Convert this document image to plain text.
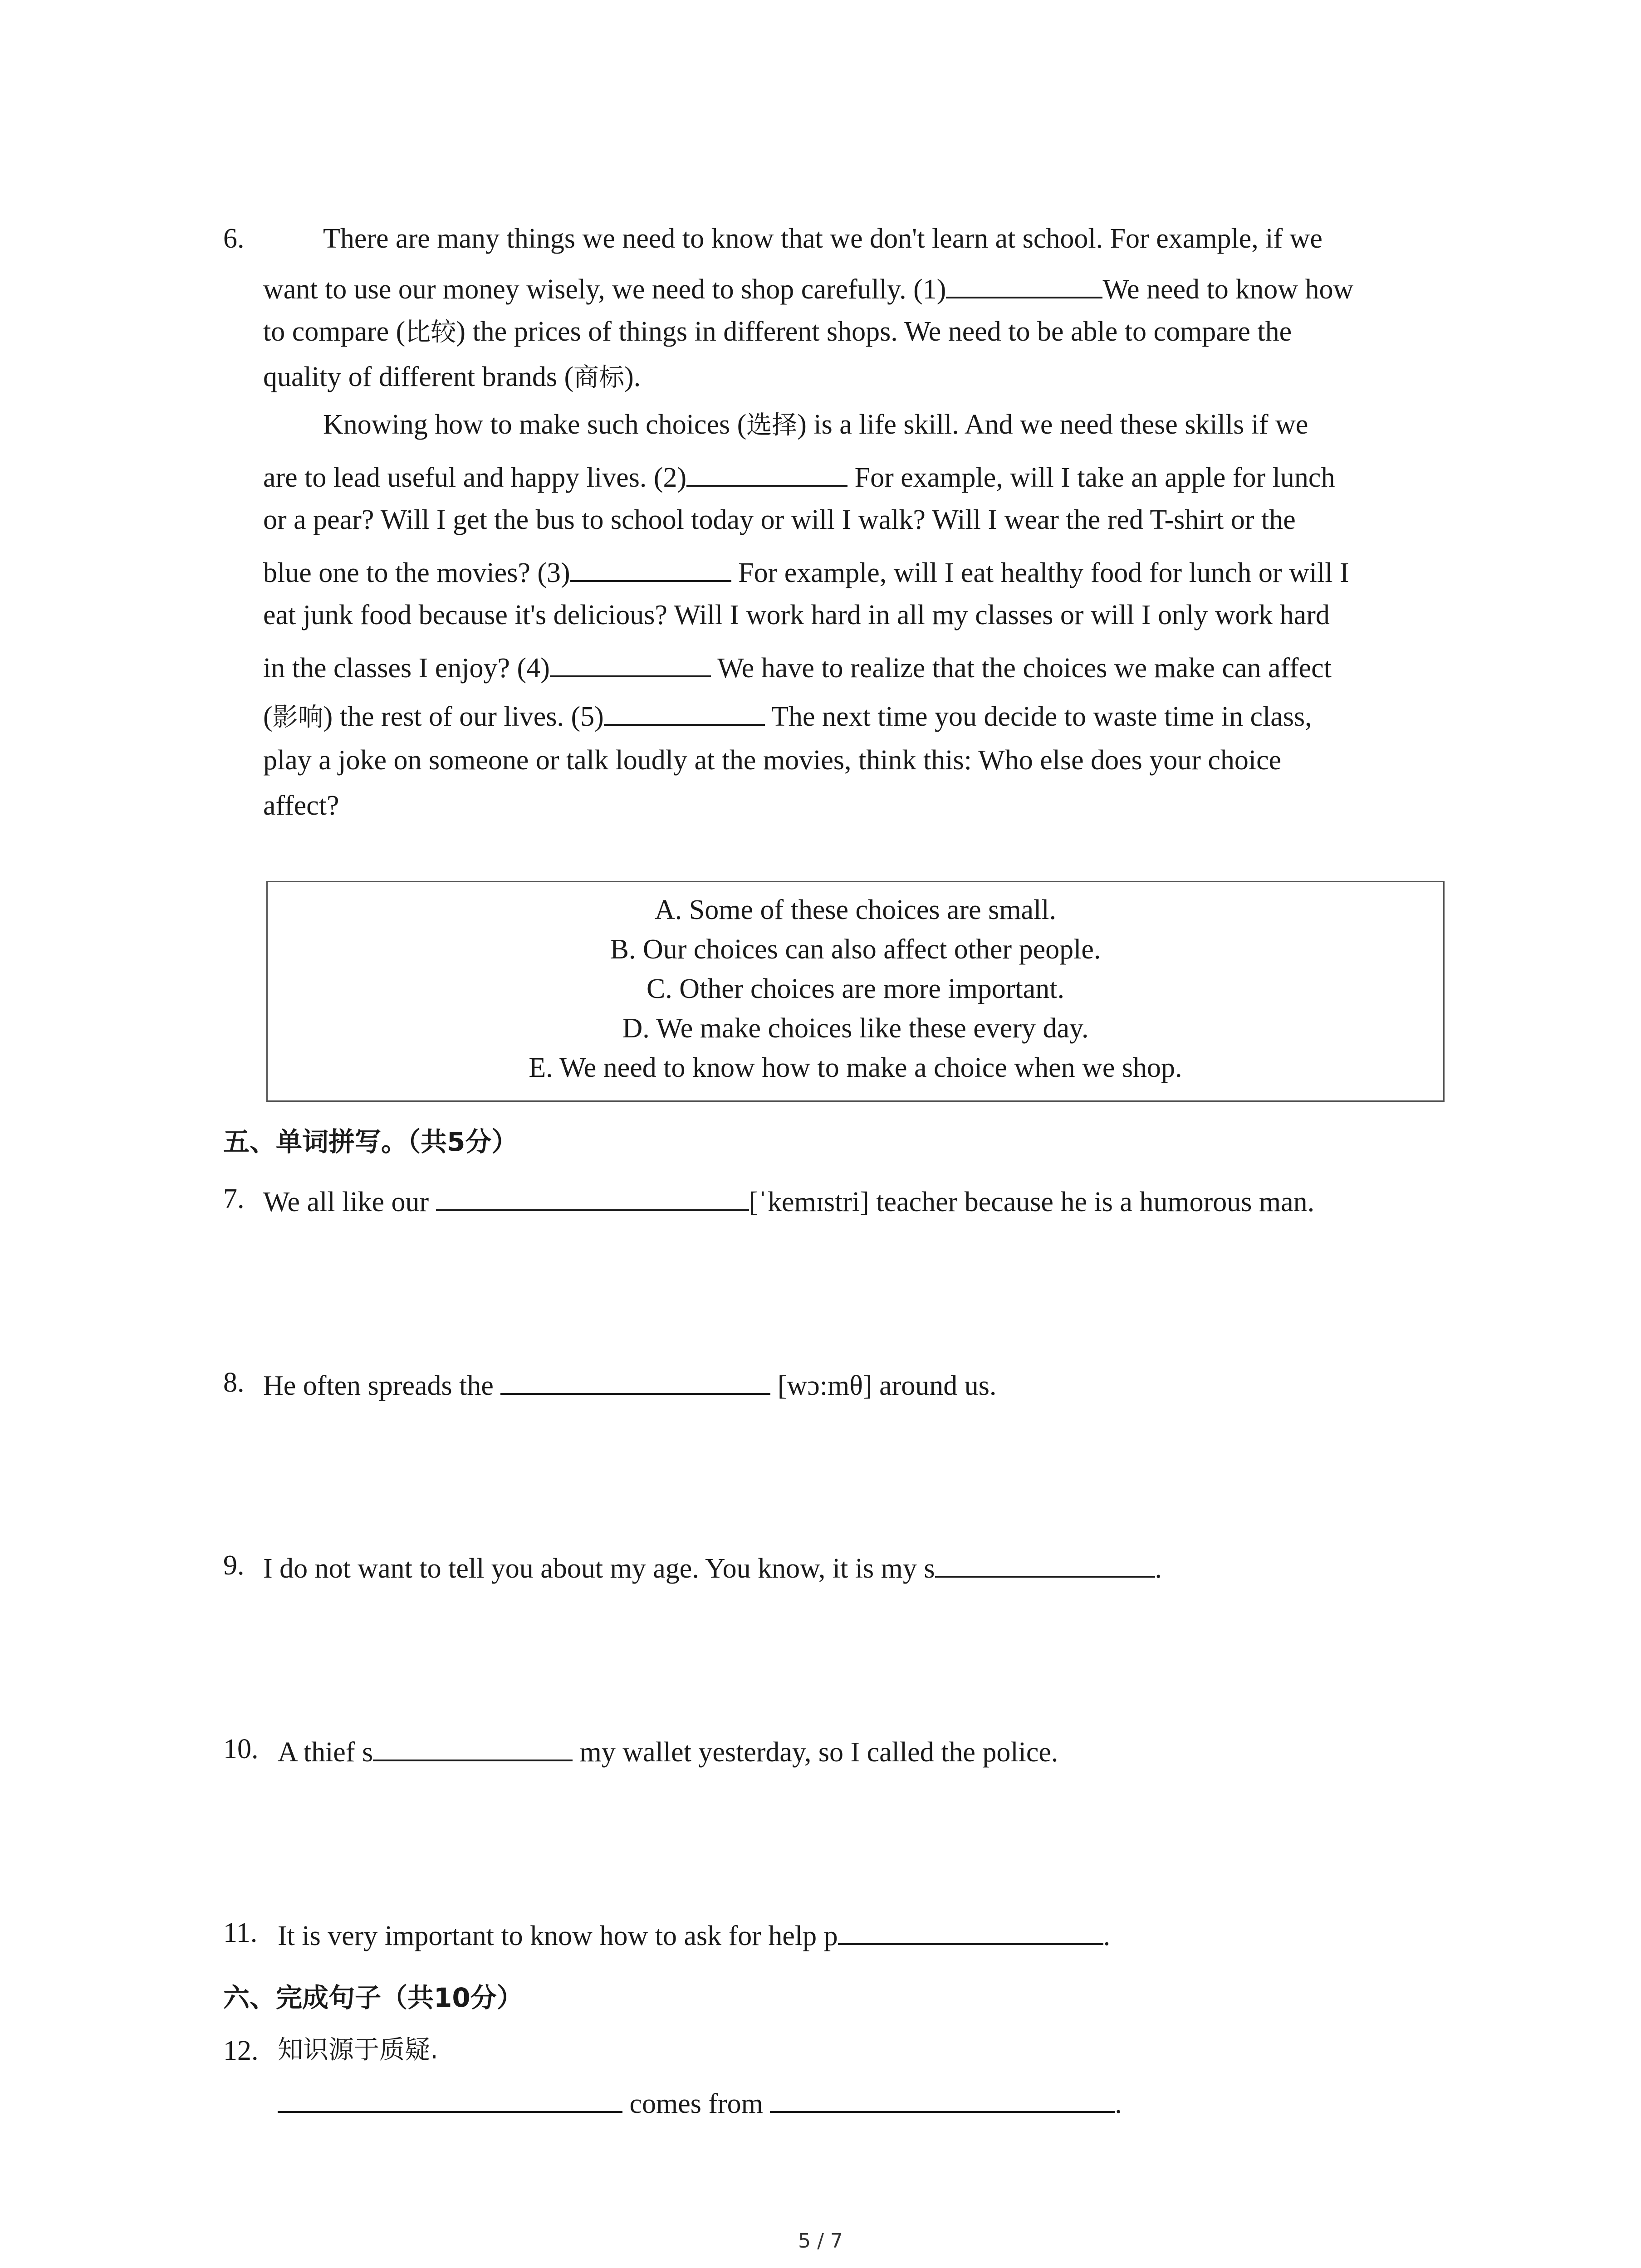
6.	There are many things we need to know that we don't learn at school. For example, if we
want to use our money wisely, we need to shop carefully. (1)	We need to know how
to compare (比较) the prices of things in different shops. We need to be able to compare the
quality of different brands (商标).
Knowing how to make such choices (选择) is a life skill. And we need these skills if we
are to lead useful and happy lives. (2)	For example, will I take an apple for lunch
or a pear? Will I get the bus to school today or will I walk? Will I wear the red T-shirt or the
blue one to the movies? (3)	For example, will I eat healthy food for lunch or will I
eat junk food because it's delicious? Will I work hard in all my classes or will I only work hard
in the classes I enjoy? (4)	We have to realize that the choices we make can affect
(影响) the rest of our lives. (5)	The next time you decide to waste time in class,
play a joke on someone or talk loudly at the movies, think this: Who else does your choice
affect?
A. Some of these choices are small.
B. Our choices can also affect other people.
C. Other choices are more important.
D. We make choices like these every day.
E. We need to know how to make a choice when we shop.
五、单词拼写。（共5分）
7. We all like our	[ˈkemɪstri] teacher because he is a humorous man.
8. He often spreads the	[wɔ:mθ] around us.
9. I do not want to tell you about my age. You know, it is my s	.
10. A thief s	my wallet yesterday, so I called the police.
11. It is very important to know how to ask for help p	.
六、完成句子（共10分）
12. 知识源于质疑.
comes from	.
5 / 7
